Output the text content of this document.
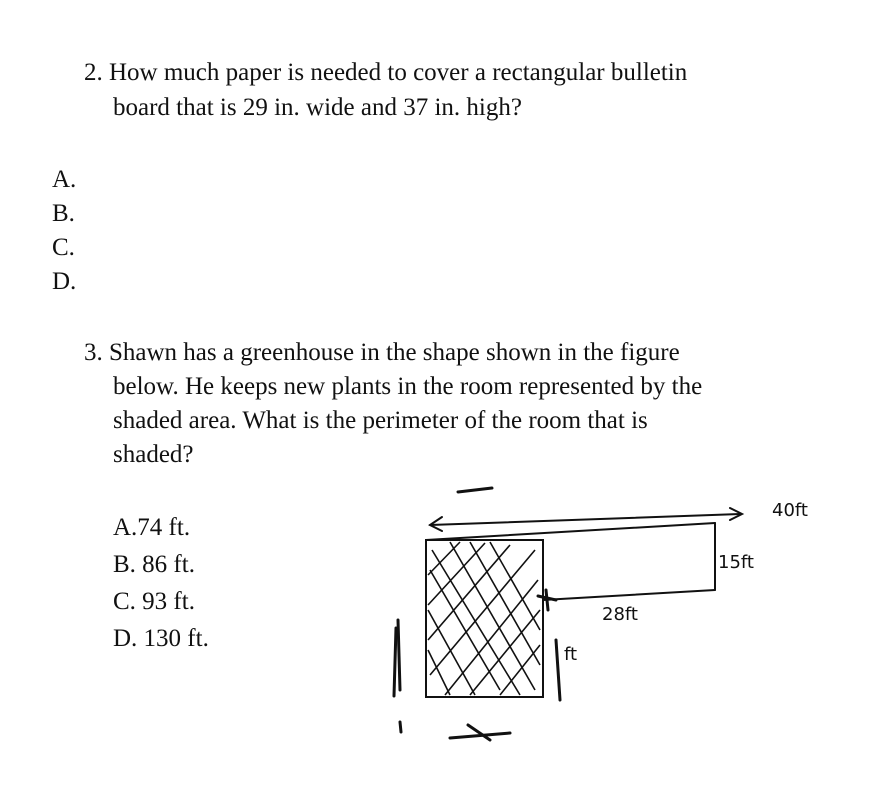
2. How much paper is needed to cover a rectangular bulletin
board that is 29 in. wide and 37 in. high?
A.
B.
C.
D.
3. Shawn has a greenhouse in the shape shown in the figure
below. He keeps new plants in the room represented by the
shaded area. What is the perimeter of the room that is
shaded?
A.74 ft.
B. 86 ft.
C. 93 ft.
D. 130 ft.
40ft
15ft
28ft
ft
